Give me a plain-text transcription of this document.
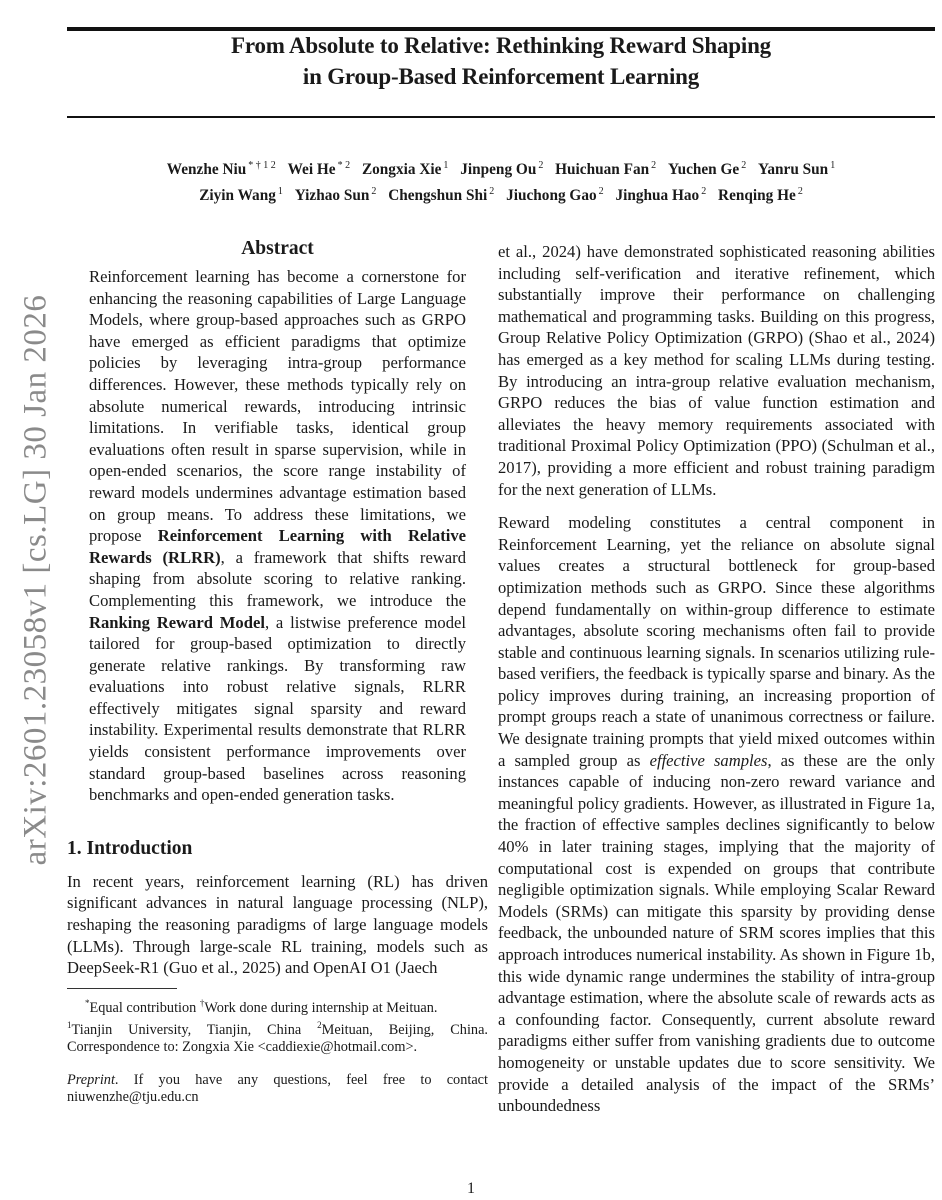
From Absolute to Relative: Rethinking Reward Shaping
in Group-Based Reinforcement Learning
Wenzhe Niu $^{* \dagger 1 2}$ Wei He $^{* 2}$ Zongxia Xie $^1$ Jinpeng Ou $^2$ Huichuan Fan $^2$ Yuchen Ge $^2$ Yanru Sun $^1$
Ziyin Wang $^1$ Yizhao Sun $^2$ Chengshun Shi $^2$ Jiuchong Gao $^2$ Jinghua Hao $^2$ Renqing He $^2$
arXiv:2601.23058v1 [cs.LG] 30 Jan 2026
Abstract

Reinforcement learning has become a cornerstone for enhancing the reasoning capabilities of Large Language Models, where group-based approaches such as GRPO have emerged as efficient paradigms that optimize policies by leveraging intra-group performance differences. However, these methods typically rely on absolute numerical rewards, introducing intrinsic limitations. In verifiable tasks, identical group evaluations often result in sparse supervision, while in open-ended scenarios, the score range instability of reward models undermines advantage estimation based on group means. To address these limitations, we propose Reinforcement Learning with Relative Rewards (RLRR), a framework that shifts reward shaping from absolute scoring to relative ranking. Complementing this framework, we introduce the Ranking Reward Model, a listwise preference model tailored for group-based optimization to directly generate relative rankings. By transforming raw evaluations into robust relative signals, RLRR effectively mitigates signal sparsity and reward instability. Experimental results demonstrate that RLRR yields consistent performance improvements over standard group-based baselines across reasoning benchmarks and open-ended generation tasks.

1. Introduction

In recent years, reinforcement learning (RL) has driven significant advances in natural language processing (NLP), reshaping the reasoning paradigms of large language models (LLMs). Through large-scale RL training, models such as DeepSeek-R1 (Guo et al., 2025) and OpenAI O1 (Jaech

*Equal contribution †Work done during internship at Meituan.
$^1$Tianjin University, Tianjin, China $^2$Meituan, Beijing, China. Correspondence to: Zongxia Xie <caddiexie@hotmail.com>.

Preprint. If you have any questions, feel free to contact niuwenzhe@tju.edu.cn

et al., 2024) have demonstrated sophisticated reasoning abilities including self-verification and iterative refinement, which substantially improve their performance on challenging mathematical and programming tasks. Building on this progress, Group Relative Policy Optimization (GRPO) (Shao et al., 2024) has emerged as a key method for scaling LLMs during testing. By introducing an intra-group relative evaluation mechanism, GRPO reduces the bias of value function estimation and alleviates the heavy memory requirements associated with traditional Proximal Policy Optimization (PPO) (Schulman et al., 2017), providing a more efficient and robust training paradigm for the next generation of LLMs.

Reward modeling constitutes a central component in Reinforcement Learning, yet the reliance on absolute signal values creates a structural bottleneck for group-based optimization methods such as GRPO. Since these algorithms depend fundamentally on within-group difference to estimate advantages, absolute scoring mechanisms often fail to provide stable and continuous learning signals. In scenarios utilizing rule-based verifiers, the feedback is typically sparse and binary. As the policy improves during training, an increasing proportion of prompt groups reach a state of unanimous correctness or failure. We designate training prompts that yield mixed outcomes within a sampled group as effective samples, as these are the only instances capable of inducing non-zero reward variance and meaningful policy gradients. However, as illustrated in Figure 1a, the fraction of effective samples declines significantly to below 40% in later training stages, implying that the majority of computational cost is expended on groups that contribute negligible optimization signals. While employing Scalar Reward Models (SRMs) can mitigate this sparsity by providing dense feedback, the unbounded nature of SRM scores implies that this approach introduces numerical instability. As shown in Figure 1b, this wide dynamic range undermines the stability of intra-group advantage estimation, where the absolute scale of rewards acts as a confounding factor. Consequently, current absolute reward paradigms either suffer from vanishing gradients due to outcome homogeneity or unstable updates due to score sensitivity. We provide a detailed analysis of the impact of the SRMs’ unboundedness

1
